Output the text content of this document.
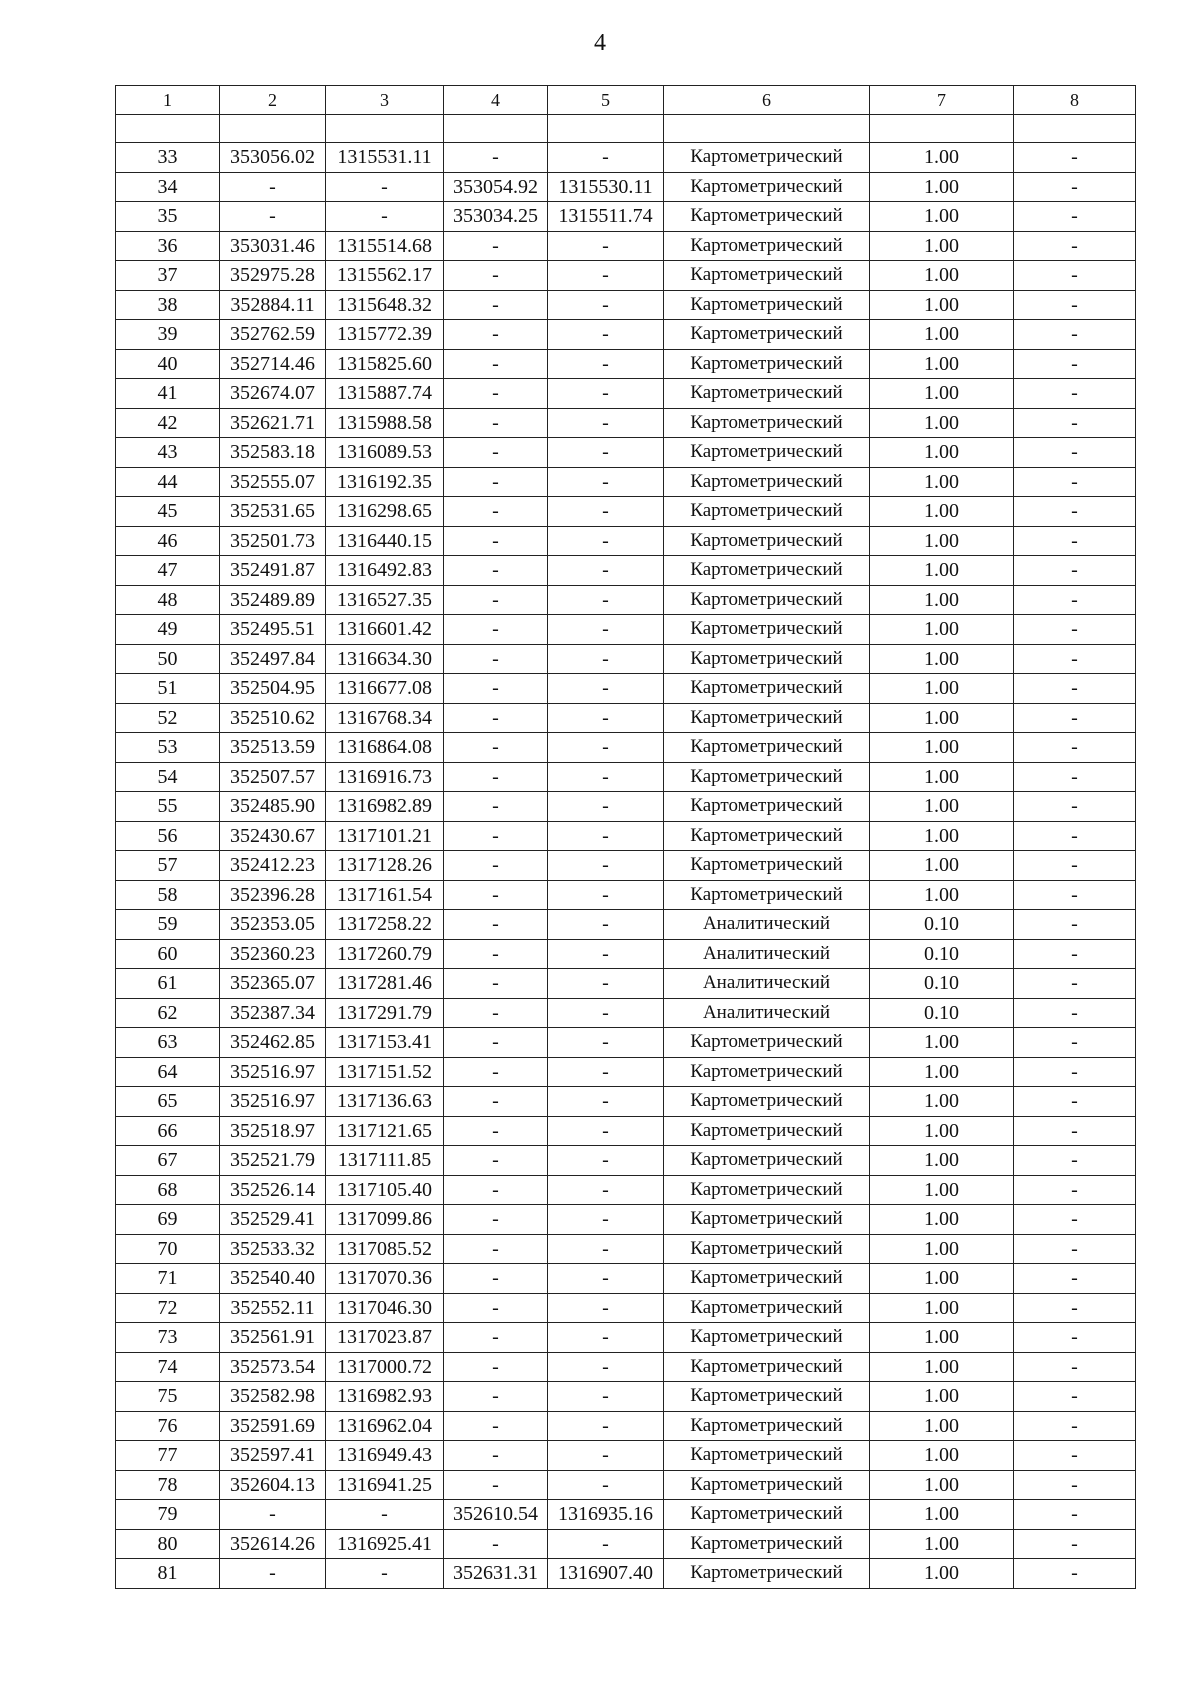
4
1	2	3	4	5	6	7	8

33	353056.02	1315531.11	-	-	Картометрический	1.00	-
34	-	-	353054.92	1315530.11	Картометрический	1.00	-
35	-	-	353034.25	1315511.74	Картометрический	1.00	-
36	353031.46	1315514.68	-	-	Картометрический	1.00	-
37	352975.28	1315562.17	-	-	Картометрический	1.00	-
38	352884.11	1315648.32	-	-	Картометрический	1.00	-
39	352762.59	1315772.39	-	-	Картометрический	1.00	-
40	352714.46	1315825.60	-	-	Картометрический	1.00	-
41	352674.07	1315887.74	-	-	Картометрический	1.00	-
42	352621.71	1315988.58	-	-	Картометрический	1.00	-
43	352583.18	1316089.53	-	-	Картометрический	1.00	-
44	352555.07	1316192.35	-	-	Картометрический	1.00	-
45	352531.65	1316298.65	-	-	Картометрический	1.00	-
46	352501.73	1316440.15	-	-	Картометрический	1.00	-
47	352491.87	1316492.83	-	-	Картометрический	1.00	-
48	352489.89	1316527.35	-	-	Картометрический	1.00	-
49	352495.51	1316601.42	-	-	Картометрический	1.00	-
50	352497.84	1316634.30	-	-	Картометрический	1.00	-
51	352504.95	1316677.08	-	-	Картометрический	1.00	-
52	352510.62	1316768.34	-	-	Картометрический	1.00	-
53	352513.59	1316864.08	-	-	Картометрический	1.00	-
54	352507.57	1316916.73	-	-	Картометрический	1.00	-
55	352485.90	1316982.89	-	-	Картометрический	1.00	-
56	352430.67	1317101.21	-	-	Картометрический	1.00	-
57	352412.23	1317128.26	-	-	Картометрический	1.00	-
58	352396.28	1317161.54	-	-	Картометрический	1.00	-
59	352353.05	1317258.22	-	-	Аналитический	0.10	-
60	352360.23	1317260.79	-	-	Аналитический	0.10	-
61	352365.07	1317281.46	-	-	Аналитический	0.10	-
62	352387.34	1317291.79	-	-	Аналитический	0.10	-
63	352462.85	1317153.41	-	-	Картометрический	1.00	-
64	352516.97	1317151.52	-	-	Картометрический	1.00	-
65	352516.97	1317136.63	-	-	Картометрический	1.00	-
66	352518.97	1317121.65	-	-	Картометрический	1.00	-
67	352521.79	1317111.85	-	-	Картометрический	1.00	-
68	352526.14	1317105.40	-	-	Картометрический	1.00	-
69	352529.41	1317099.86	-	-	Картометрический	1.00	-
70	352533.32	1317085.52	-	-	Картометрический	1.00	-
71	352540.40	1317070.36	-	-	Картометрический	1.00	-
72	352552.11	1317046.30	-	-	Картометрический	1.00	-
73	352561.91	1317023.87	-	-	Картометрический	1.00	-
74	352573.54	1317000.72	-	-	Картометрический	1.00	-
75	352582.98	1316982.93	-	-	Картометрический	1.00	-
76	352591.69	1316962.04	-	-	Картометрический	1.00	-
77	352597.41	1316949.43	-	-	Картометрический	1.00	-
78	352604.13	1316941.25	-	-	Картометрический	1.00	-
79	-	-	352610.54	1316935.16	Картометрический	1.00	-
80	352614.26	1316925.41	-	-	Картометрический	1.00	-
81	-	-	352631.31	1316907.40	Картометрический	1.00	-
